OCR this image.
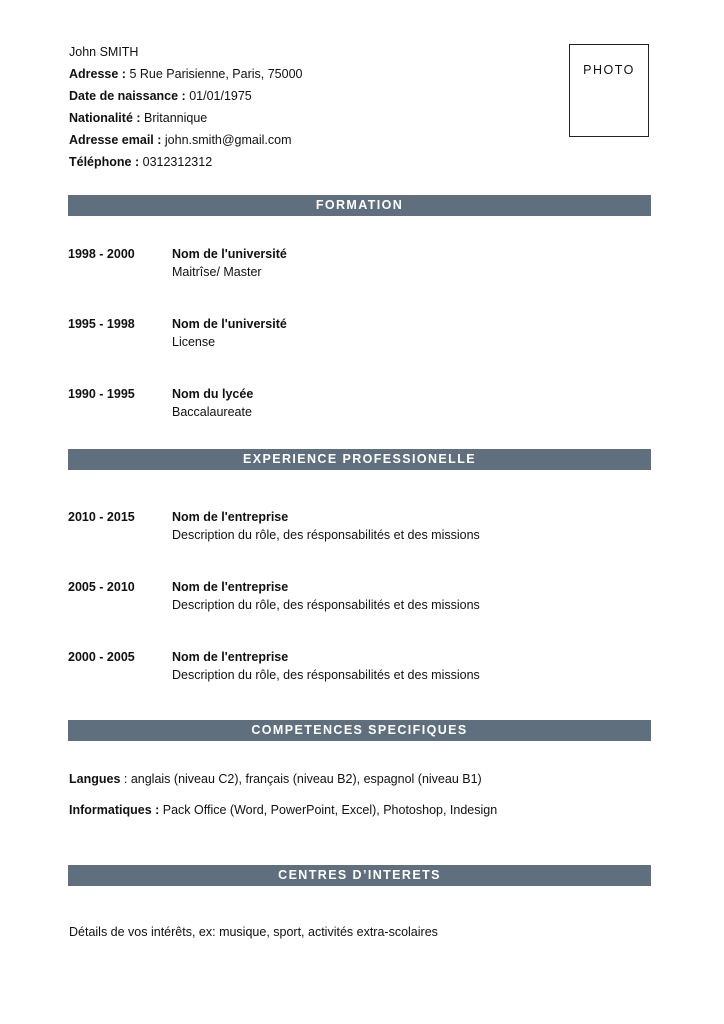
John SMITH
Adresse : 5 Rue Parisienne, Paris, 75000
Date de naissance : 01/01/1975
Nationalité : Britannique
Adresse email : john.smith@gmail.com
Téléphone : 0312312312
PHOTO
FORMATION
1998 - 2000	Nom de l'université
Maitrîse/ Master
1995 - 1998	Nom de l'université
License
1990 - 1995	Nom du lycée
Baccalaureate
EXPERIENCE PROFESSIONELLE
2010 - 2015	Nom de l'entreprise
Description du rôle, des résponsabilités et des missions
2005 - 2010	Nom de l'entreprise
Description du rôle, des résponsabilités et des missions
2000 - 2005	Nom de l'entreprise
Description du rôle, des résponsabilités et des missions
COMPETENCES SPECIFIQUES
Langues : anglais (niveau C2), français (niveau B2), espagnol (niveau B1)
Informatiques : Pack Office (Word, PowerPoint, Excel), Photoshop, Indesign
CENTRES D’INTERETS
Détails de vos intérêts, ex: musique, sport, activités extra-scolaires
